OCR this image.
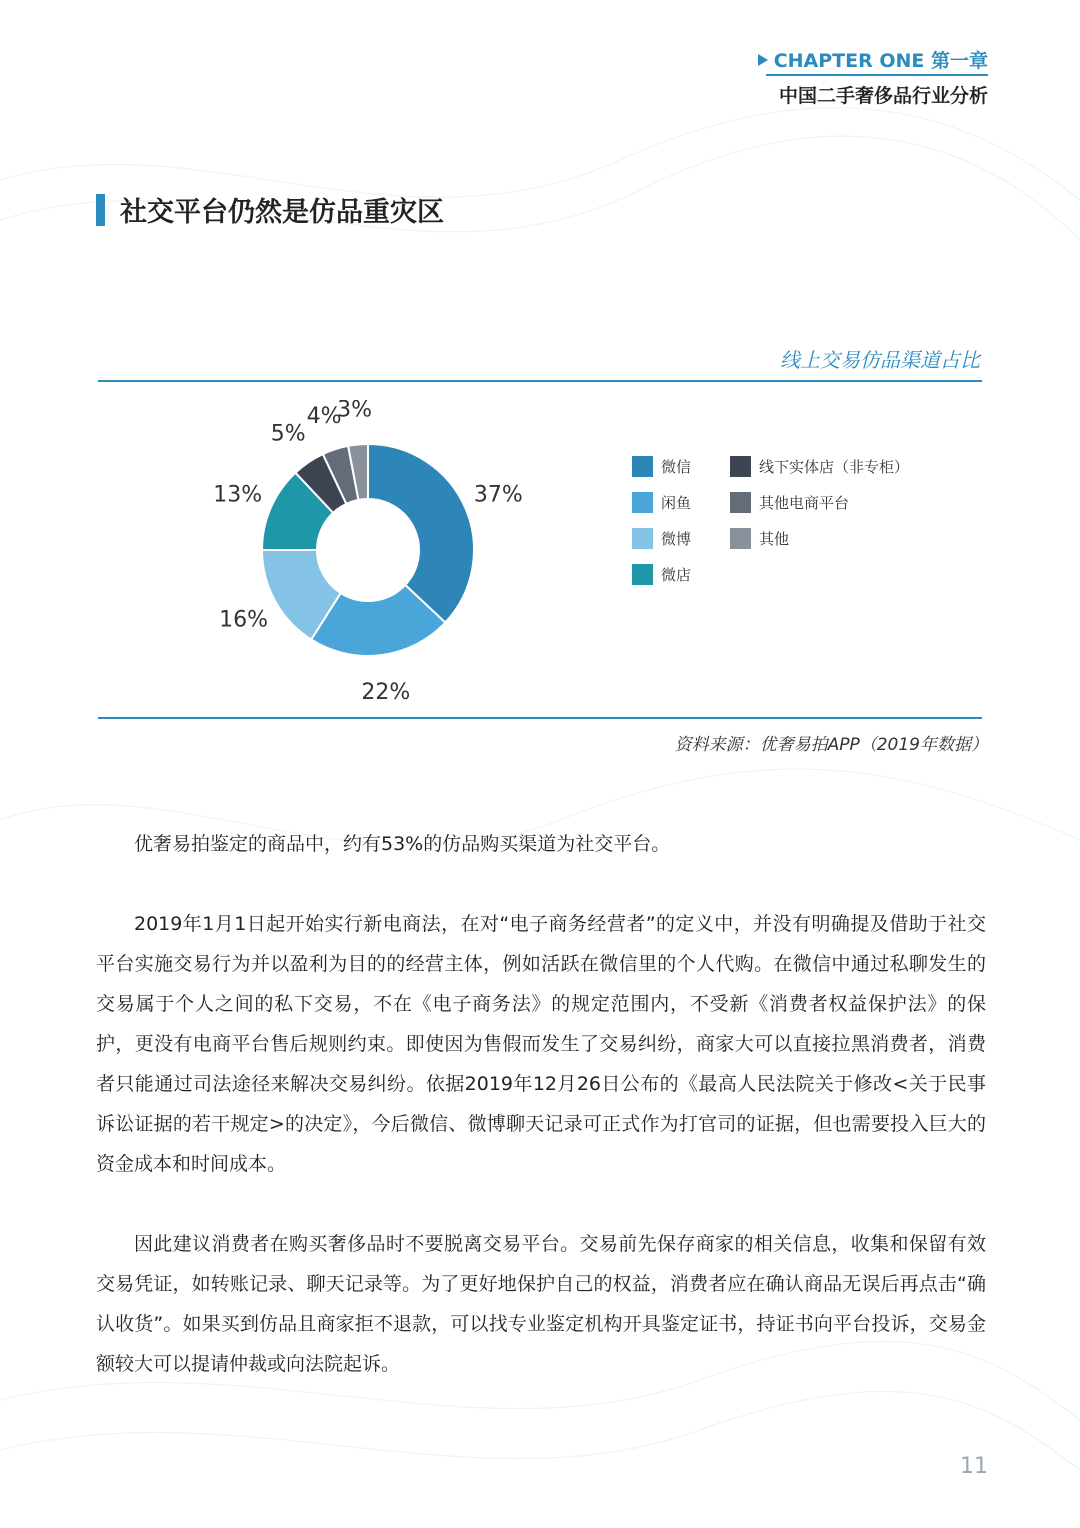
CHAPTER ONE 第一章
中国二手奢侈品行业分析
社交平台仍然是仿品重灾区
线上交易仿品渠道占比
37%
22%
16%
13%
5%
4%
3%
微信
闲鱼
微博
微店
线下实体店（非专柜）
其他电商平台
其他
资料来源：优奢易拍APP（2019年数据）

优奢易拍鉴定的商品中，约有53%的仿品购买渠道为社交平台。

2019年1月1日起开始实行新电商法，在对“电子商务经营者”的定义中，并没有明确提及借助于社交平台实施交易行为并以盈利为目的的经营主体，例如活跃在微信里的个人代购。在微信中通过私聊发生的交易属于个人之间的私下交易，不在《电子商务法》的规定范围内，不受新《消费者权益保护法》的保护，更没有电商平台售后规则约束。即使因为售假而发生了交易纠纷，商家大可以直接拉黑消费者，消费者只能通过司法途径来解决交易纠纷。依据2019年12月26日公布的《最高人民法院关于修改<关于民事诉讼证据的若干规定>的决定》，今后微信、微博聊天记录可正式作为打官司的证据，但也需要投入巨大的资金成本和时间成本。

因此建议消费者在购买奢侈品时不要脱离交易平台。交易前先保存商家的相关信息，收集和保留有效交易凭证，如转账记录、聊天记录等。为了更好地保护自己的权益，消费者应在确认商品无误后再点击“确认收货”。如果买到仿品且商家拒不退款，可以找专业鉴定机构开具鉴定证书，持证书向平台投诉，交易金额较大可以提请仲裁或向法院起诉。

11
